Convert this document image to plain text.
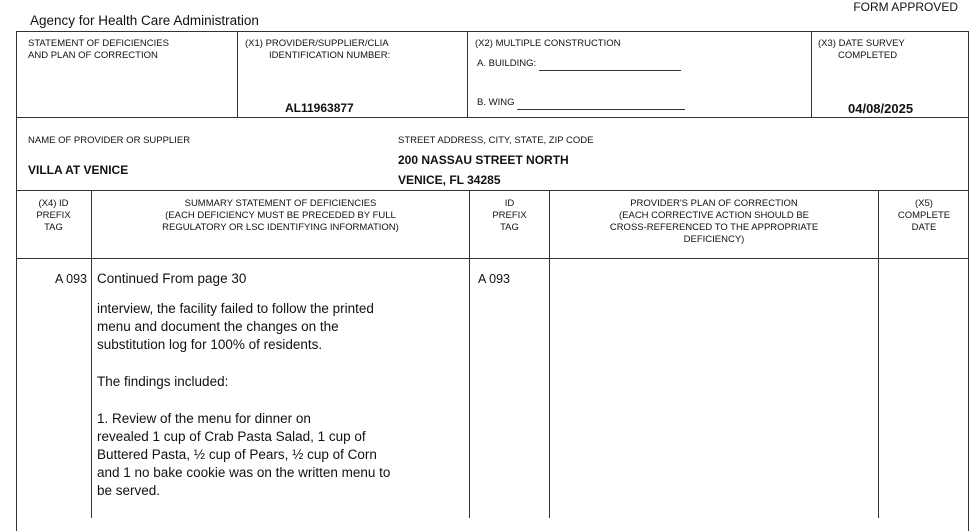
FORM APPROVED
Agency for Health Care Administration
STATEMENT OF DEFICIENCIES
AND PLAN OF CORRECTION
(X1) PROVIDER/SUPPLIER/CLIA
IDENTIFICATION NUMBER:
AL11963877
(X2) MULTIPLE CONSTRUCTION
A. BUILDING:
B. WING
(X3) DATE SURVEY
COMPLETED
04/08/2025
NAME OF PROVIDER OR SUPPLIER
VILLA AT VENICE
STREET ADDRESS, CITY, STATE, ZIP CODE
200 NASSAU STREET NORTH
VENICE, FL 34285
(X4) ID
PREFIX
TAG
SUMMARY STATEMENT OF DEFICIENCIES
(EACH DEFICIENCY MUST BE PRECEDED BY FULL
REGULATORY OR LSC IDENTIFYING INFORMATION)
ID
PREFIX
TAG
PROVIDER'S PLAN OF CORRECTION
(EACH CORRECTIVE ACTION SHOULD BE
CROSS-REFERENCED TO THE APPROPRIATE
DEFICIENCY)
(X5)
COMPLETE
DATE
A 093	A 093
Continued From page 30
interview, the facility failed to follow the printed
menu and document the changes on the
substitution log for 100% of residents.
The findings included:
1. Review of the menu for dinner on
revealed 1 cup of Crab Pasta Salad, 1 cup of
Buttered Pasta, ½ cup of Pears, ½ cup of Corn
and 1 no bake cookie was on the written menu to
be served.
